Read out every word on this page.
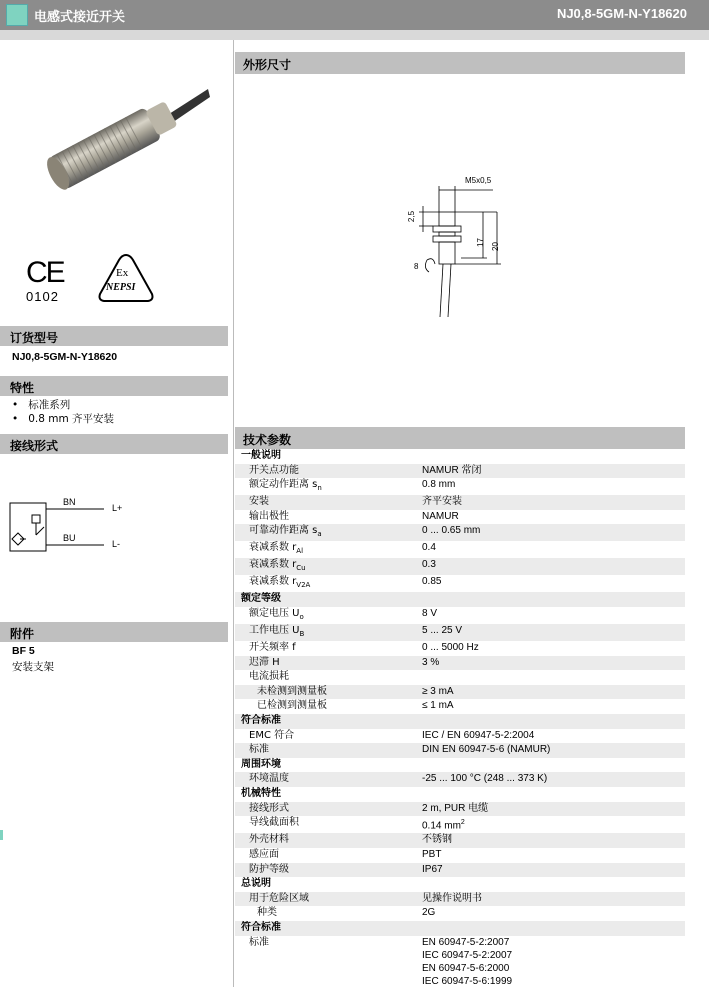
电感式接近开关	NJ0,8-5GM-N-Y18620
CE
0102
Ex
NEPSI
订货型号
NJ0,8-5GM-N-Y18620
特性
•   标准系列
•   0.8 mm 齐平安装
接线形式
BN
BU
L+
L-
附件
BF 5
安装支架
外形尺寸
M5x0,5
2,5
17 20
8
技术参数
一般说明	
开关点功能	NAMUR 常闭
额定动作距离 $s_n$	0.8 mm
安装	齐平安装
输出极性	NAMUR
可靠动作距离 $s_a$	0 ... 0.65 mm
衰减系数 $r_{Al}$	0.4
衰减系数 $r_{Cu}$	0.3
衰减系数 $r_{V2A}$	0.85
额定等级	
额定电压 $U_o$	8 V
工作电压 $U_B$	5 ... 25 V
开关频率 f	0 ... 5000 Hz
迟滞 H	3 %
电流损耗	
未检测到测量板	≥ 3 mA
已检测到测量板	≤ 1 mA
符合标准	
EMC 符合	IEC / EN 60947-5-2:2004
标准	DIN EN 60947-5-6 (NAMUR)
周围环境	
环境温度	-25 ... 100 °C (248 ... 373 K)
机械特性	
接线形式	2 m, PUR 电缆
导线截面积	0.14 $mm^2$
外壳材料	不锈钢
感应面	PBT
防护等级	IP67
总说明	
用于危险区域	见操作说明书
种类	2G
符合标准	
标准	EN 60947-5-2:2007
IEC 60947-5-2:2007
EN 60947-5-6:2000
IEC 60947-5-6:1999
